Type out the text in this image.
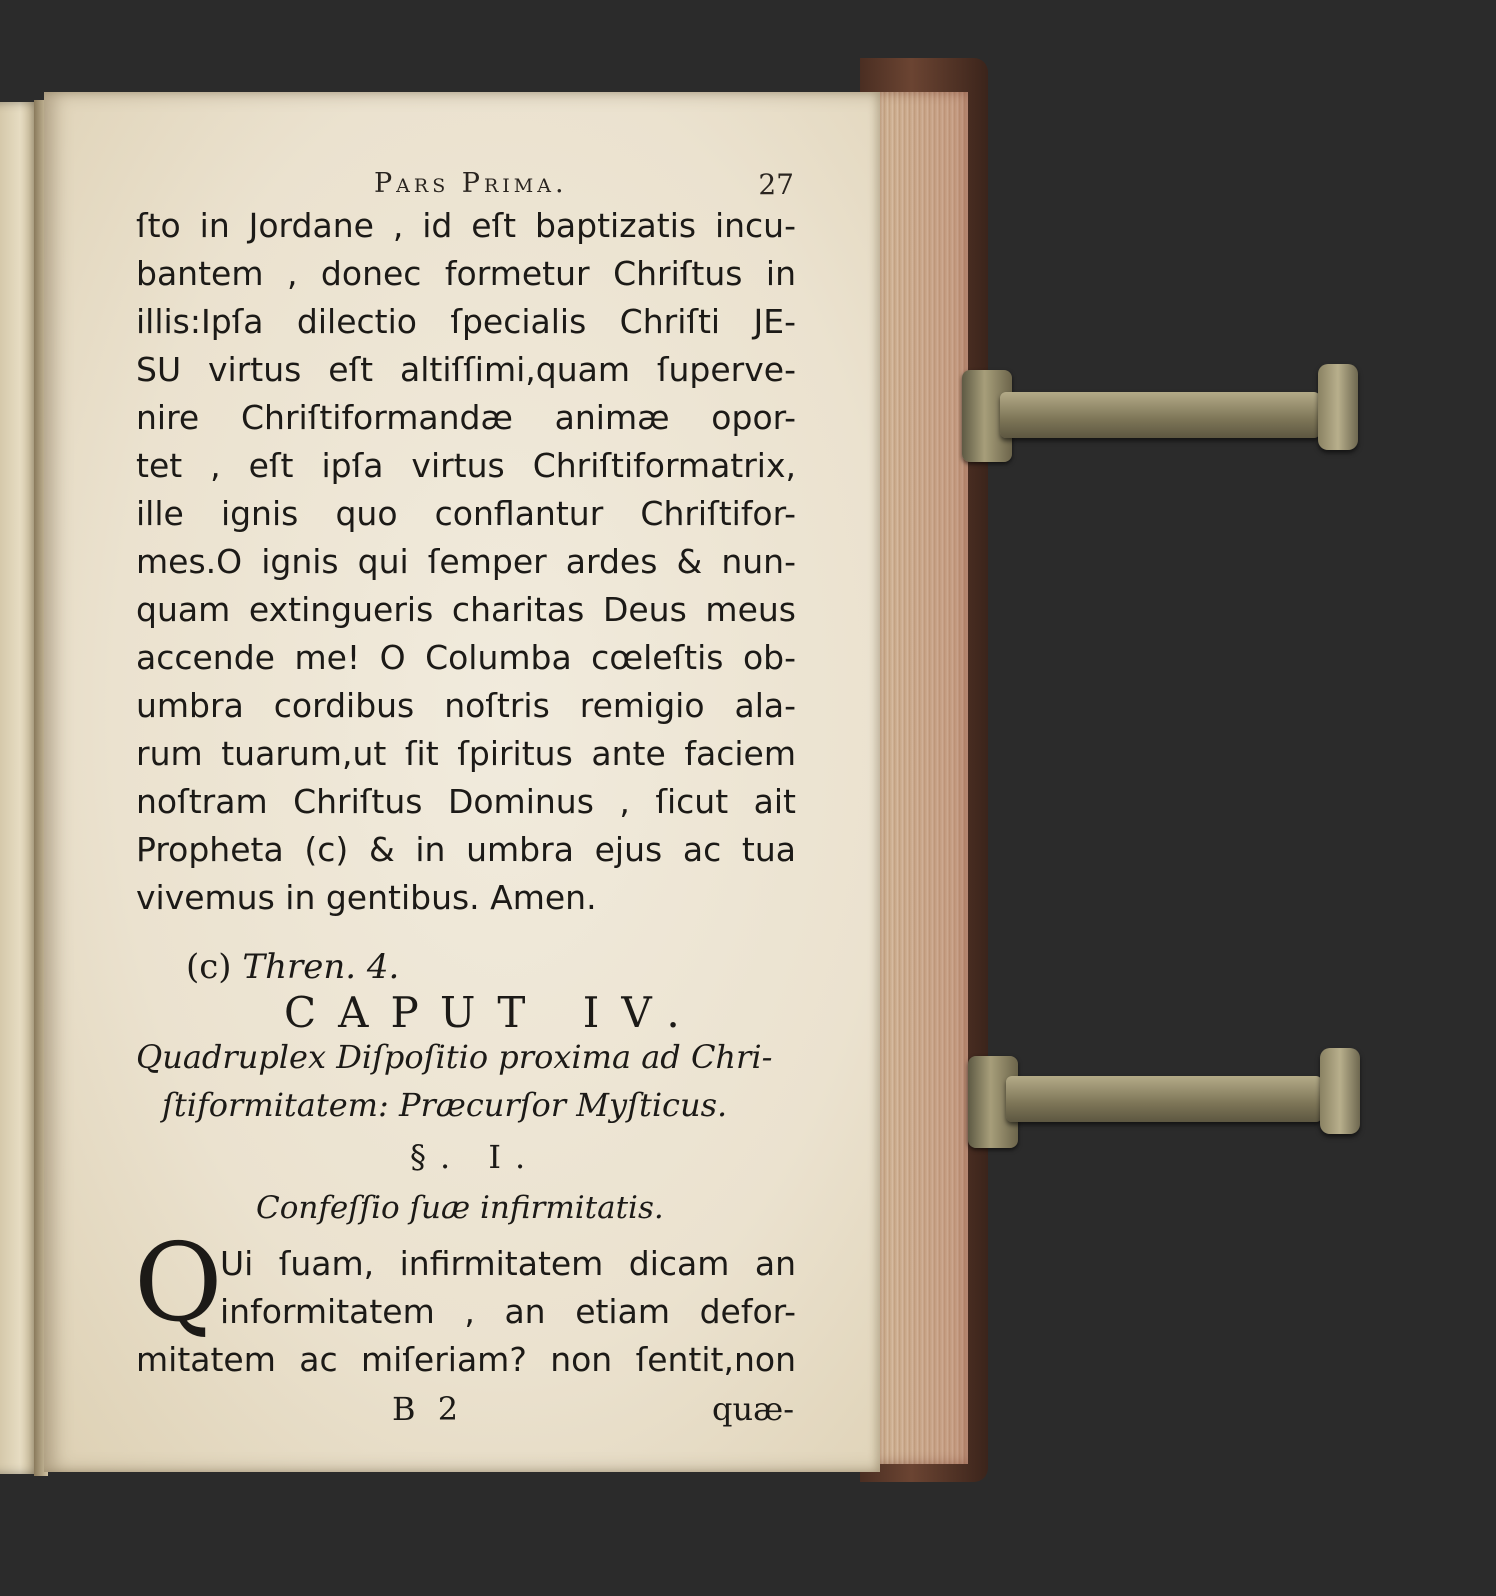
Pars Prima.	27
ſto in Jordane , id eſt baptizatis incu-
bantem , donec formetur Chriſtus in
illis:Ipſa dilectio ſpecialis Chriſti JE-
SU virtus eſt altiſſimi,quam ſuperve-
nire Chriſtiformandæ animæ opor-
tet , eſt ipſa virtus Chriſtiformatrix,
ille ignis quo conflantur Chriſtifor-
mes.O ignis qui ſemper ardes & nun-
quam extingueris charitas Deus meus
accende me! O Columba cœleſtis ob-
umbra cordibus noſtris remigio ala-
rum tuarum,ut ſit ſpiritus ante faciem
noſtram Chriſtus Dominus , ſicut ait
Propheta (c) & in umbra ejus ac tua
vivemus in gentibus. Amen.
(c) Thren. 4.
CAPUT IV.
Quadruplex Diſpoſitio proxima ad Chri-
ſtiformitatem: Præcurſor Myſticus.
§. I.
Confeſſio ſuæ infirmitatis.
Q
Ui ſuam, infirmitatem dicam an
informitatem , an etiam defor-
mitatem ac miſeriam? non ſentit,non
B 2	quæ-
